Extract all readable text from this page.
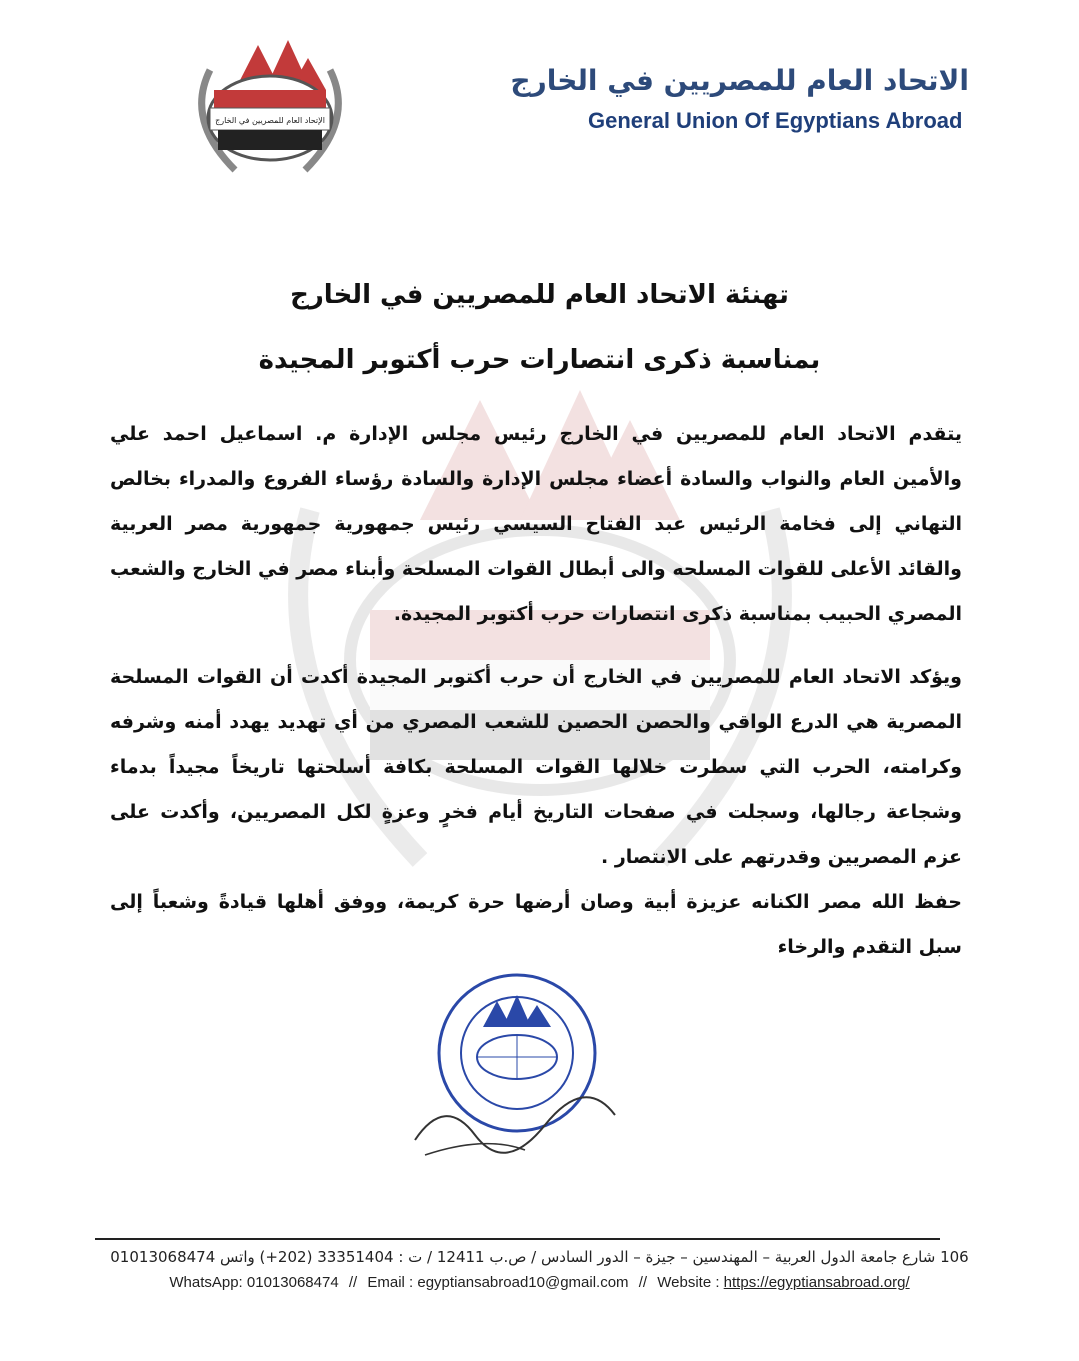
الإتحاد العام للمصريين في الخارج
الاتحاد العام للمصريين في الخارج
General Union Of Egyptians Abroad
تهنئة الاتحاد العام للمصريين في الخارج
بمناسبة ذكرى انتصارات حرب أكتوبر المجيدة
يتقدم الاتحاد العام للمصريين في الخارج رئيس مجلس الإدارة م. اسماعيل احمد علي والأمين العام والنواب والسادة أعضاء مجلس الإدارة والسادة رؤساء الفروع والمدراء بخالص التهاني إلى فخامة الرئيس عبد الفتاح السيسي رئيس جمهورية جمهورية مصر العربية والقائد الأعلى للقوات المسلحه والى أبطال القوات المسلحة وأبناء مصر في الخارج والشعب المصري الحبيب بمناسبة ذكرى انتصارات حرب أكتوبر المجيدة.
ويؤكد الاتحاد العام للمصريين في الخارج أن حرب أكتوبر المجيدة أكدت أن القوات المسلحة المصرية هي الدرع الواقي والحصن الحصين للشعب المصري من أي تهديد يهدد أمنه وشرفه وكرامته، الحرب التي سطرت خلالها القوات المسلحة بكافة أسلحتها تاريخاً مجيداً بدماء وشجاعة رجالها، وسجلت في صفحات التاريخ أيام فخرٍ وعزةٍ لكل المصريين، وأكدت على عزم المصريين وقدرتهم على الانتصار .
حفظ الله مصر الكنانه عزيزة أبية وصان أرضها حرة كريمة، ووفق أهلها قيادةً وشعباً إلى سبل التقدم والرخاء
106 شارع جامعة الدول العربية – المهندسين – جيزة – الدور السادس / ص.ب 12411 / ت : 33351404 (202+) واتس 01013068474
WhatsApp: 01013068474 // Email : egyptiansabroad10@gmail.com // Website : https://egyptiansabroad.org/
